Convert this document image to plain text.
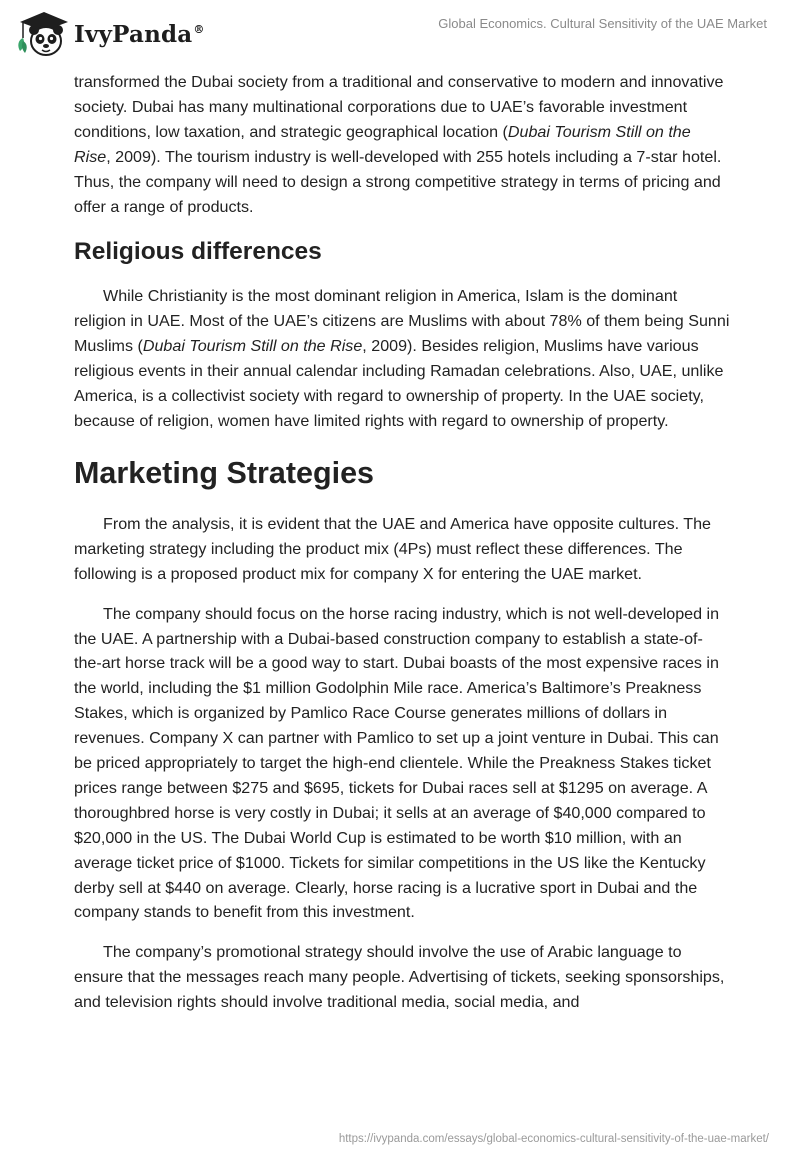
IvyPanda®	Global Economics. Cultural Sensitivity of the UAE Market

transformed the Dubai society from a traditional and conservative to modern and innovative society. Dubai has many multinational corporations due to UAE’s favorable investment conditions, low taxation, and strategic geographical location (Dubai Tourism Still on the Rise, 2009). The tourism industry is well-developed with 255 hotels including a 7-star hotel. Thus, the company will need to design a strong competitive strategy in terms of pricing and offer a range of products.

Religious differences

While Christianity is the most dominant religion in America, Islam is the dominant religion in UAE. Most of the UAE’s citizens are Muslims with about 78% of them being Sunni Muslims (Dubai Tourism Still on the Rise, 2009). Besides religion, Muslims have various religious events in their annual calendar including Ramadan celebrations. Also, UAE, unlike America, is a collectivist society with regard to ownership of property. In the UAE society, because of religion, women have limited rights with regard to ownership of property.

Marketing Strategies

From the analysis, it is evident that the UAE and America have opposite cultures. The marketing strategy including the product mix (4Ps) must reflect these differences. The following is a proposed product mix for company X for entering the UAE market.

The company should focus on the horse racing industry, which is not well-developed in the UAE. A partnership with a Dubai-based construction company to establish a state-of-the-art horse track will be a good way to start. Dubai boasts of the most expensive races in the world, including the $1 million Godolphin Mile race. America’s Baltimore’s Preakness Stakes, which is organized by Pamlico Race Course generates millions of dollars in revenues. Company X can partner with Pamlico to set up a joint venture in Dubai. This can be priced appropriately to target the high-end clientele. While the Preakness Stakes ticket prices range between $275 and $695, tickets for Dubai races sell at $1295 on average. A thoroughbred horse is very costly in Dubai; it sells at an average of $40,000 compared to $20,000 in the US. The Dubai World Cup is estimated to be worth $10 million, with an average ticket price of $1000. Tickets for similar competitions in the US like the Kentucky derby sell at $440 on average. Clearly, horse racing is a lucrative sport in Dubai and the company stands to benefit from this investment.

The company’s promotional strategy should involve the use of Arabic language to ensure that the messages reach many people. Advertising of tickets, seeking sponsorships, and television rights should involve traditional media, social media, and

https://ivypanda.com/essays/global-economics-cultural-sensitivity-of-the-uae-market/
